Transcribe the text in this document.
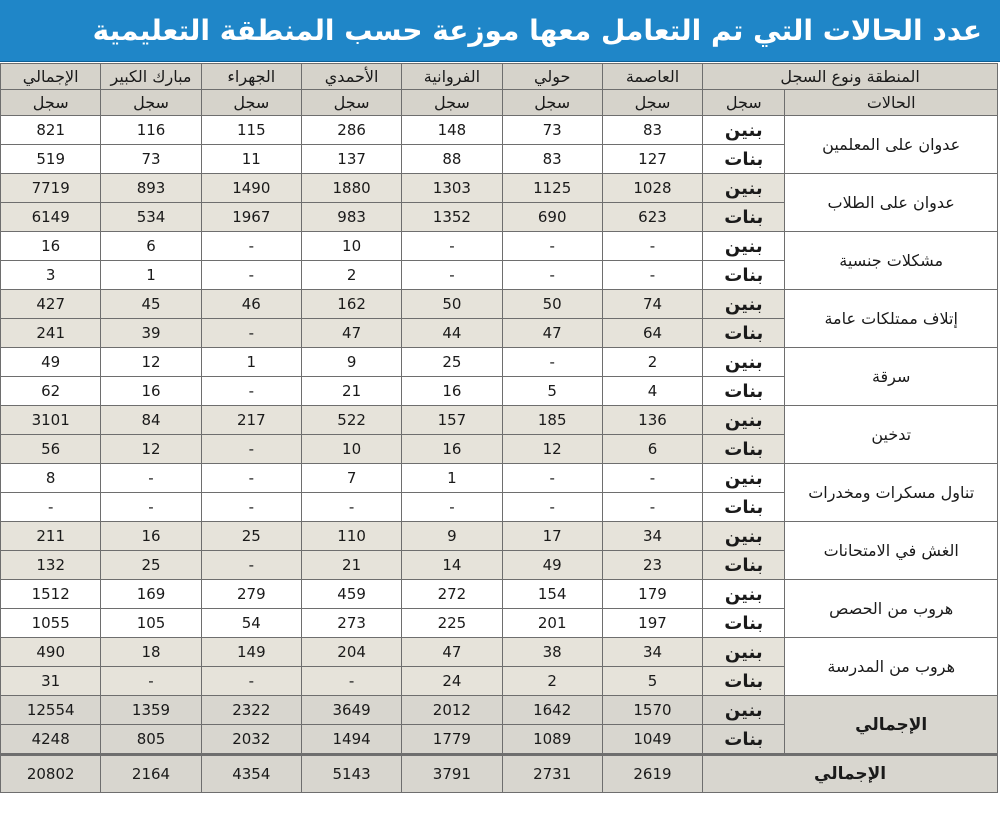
عدد الحالات التي تم التعامل معها موزعة حسب المنطقة التعليمية
المنطقة ونوع السجل		العاصمة	حولي	الفروانية	الأحمدي	الجهراء	مبارك الكبير	الإجمالي
الحالات	سجل	سجل	سجل	سجل	سجل	سجل	سجل	سجل
عدوان على المعلمين	بنين	83	73	148	286	115	116	821
	بنات	127	83	88	137	11	73	519
عدوان على الطلاب	بنين	1028	1125	1303	1880	1490	893	7719
	بنات	623	690	1352	983	1967	534	6149
مشكلات جنسية	بنين	-	-	-	10	-	6	16
	بنات	-	-	-	2	-	1	3
إتلاف ممتلكات عامة	بنين	74	50	50	162	46	45	427
	بنات	64	47	44	47	-	39	241
سرقة	بنين	2	-	25	9	1	12	49
	بنات	4	5	16	21	-	16	62
تدخين	بنين	136	185	157	522	217	84	3101
	بنات	6	12	16	10	-	12	56
تناول مسكرات ومخدرات	بنين	-	-	1	7	-	-	8
	بنات	-	-	-	-	-	-	-
الغش في الامتحانات	بنين	34	17	9	110	25	16	211
	بنات	23	49	14	21	-	25	132
هروب من الحصص	بنين	179	154	272	459	279	169	1512
	بنات	197	201	225	273	54	105	1055
هروب من المدرسة	بنين	34	38	47	204	149	18	490
	بنات	5	2	24	-	-	-	31
الإجمالي	بنين	1570	1642	2012	3649	2322	1359	12554
	بنات	1049	1089	1779	1494	2032	805	4248
الإجمالي		2619	2731	3791	5143	4354	2164	20802
